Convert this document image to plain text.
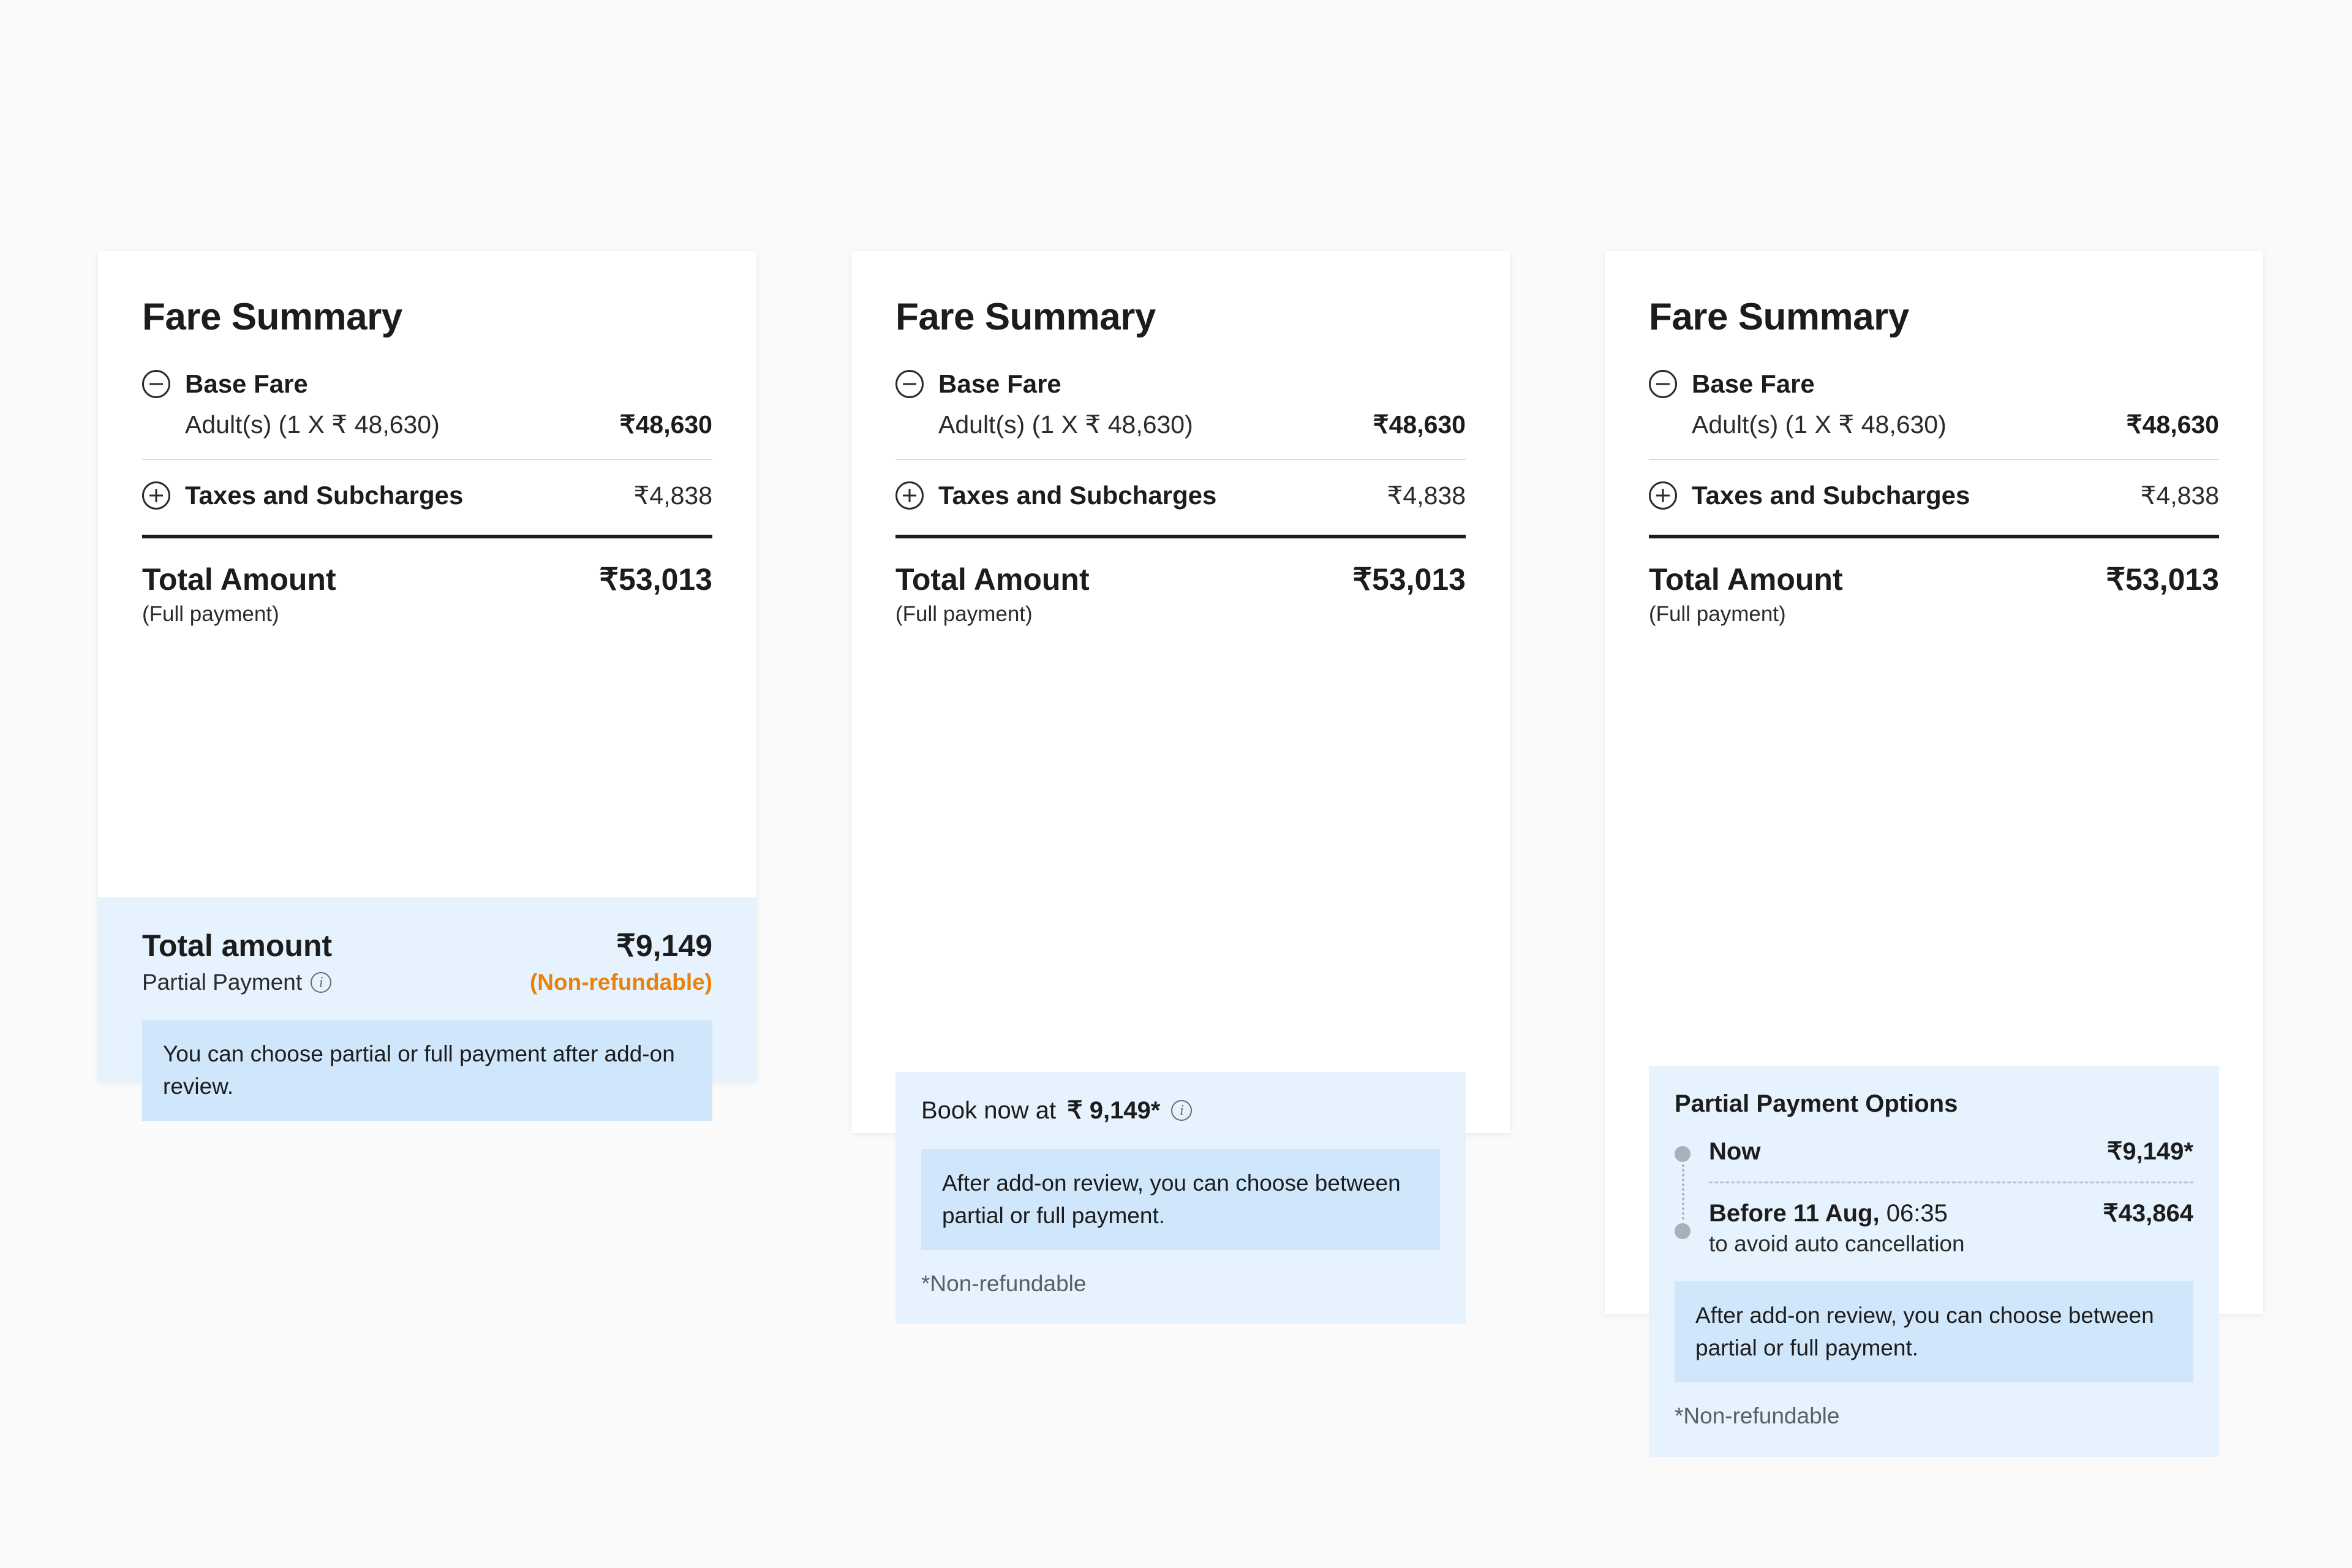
Fare Summary
Base Fare
Adult(s) (1 X ₹ 48,630)	₹48,630
Taxes and Subcharges	₹4,838
Total Amount	₹53,013
(Full payment)
Total amount	₹9,149
Partial Payment	i	(Non-refundable)
You can choose partial or full payment after add-on review.
Fare Summary
Base Fare
Adult(s) (1 X ₹ 48,630)	₹48,630
Taxes and Subcharges	₹4,838
Total Amount	₹53,013
(Full payment)
Book now at ₹ 9,149*	i
After add-on review, you can choose between partial or full payment.
*Non-refundable
Fare Summary
Base Fare
Adult(s) (1 X ₹ 48,630)	₹48,630
Taxes and Subcharges	₹4,838
Total Amount	₹53,013
(Full payment)
Partial Payment Options
Now	₹9,149*
Before 11 Aug, 06:35	₹43,864
to avoid auto cancellation
After add-on review, you can choose between partial or full payment.
*Non-refundable
